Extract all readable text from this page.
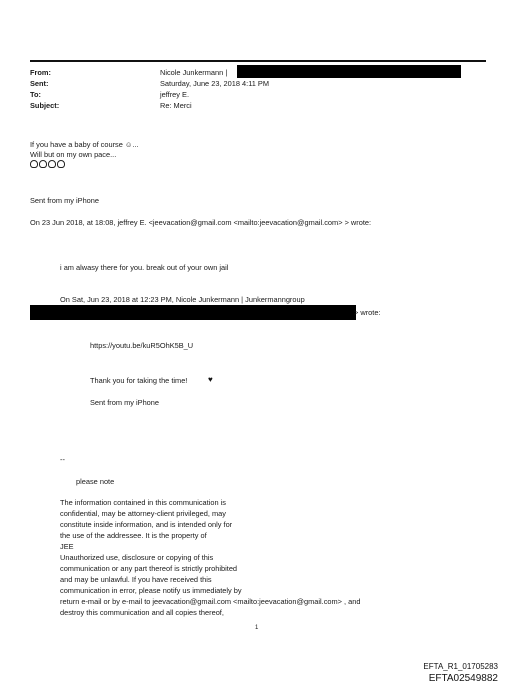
From:
Sent:
To:
Subject:
Nicole Junkermann |
Saturday, June 23, 2018 4:11 PM
jeffrey E.
Re: Merci
If you have a baby of course ☺...
Will but on my own pace...
Sent from my iPhone
On 23 Jun 2018, at 18:08, jeffrey E. <jeevacation@gmail.com <mailto:jeevacation@gmail.com> > wrote:
i am alwasy there for you. break out of your own jail
On Sat, Jun 23, 2018 at 12:23 PM, Nicole Junkermann | Junkermanngroup
> wrote:
https://youtu.be/kuR5OhK5B_U
Thank you for taking the time!	♥
Sent from my iPhone
--
please note
The information contained in this communication is
confidential, may be attorney-client privileged, may
constitute inside information, and is intended only for
the use of the addressee. It is the property of
JEE
Unauthorized use, disclosure or copying of this
communication or any part thereof is strictly prohibited
and may be unlawful. If you have received this
communication in error, please notify us immediately by
return e-mail or by e-mail to jeevacation@gmail.com <mailto:jeevacation@gmail.com> , and
destroy this communication and all copies thereof,
1
EFTA_R1_01705283
EFTA02549882
